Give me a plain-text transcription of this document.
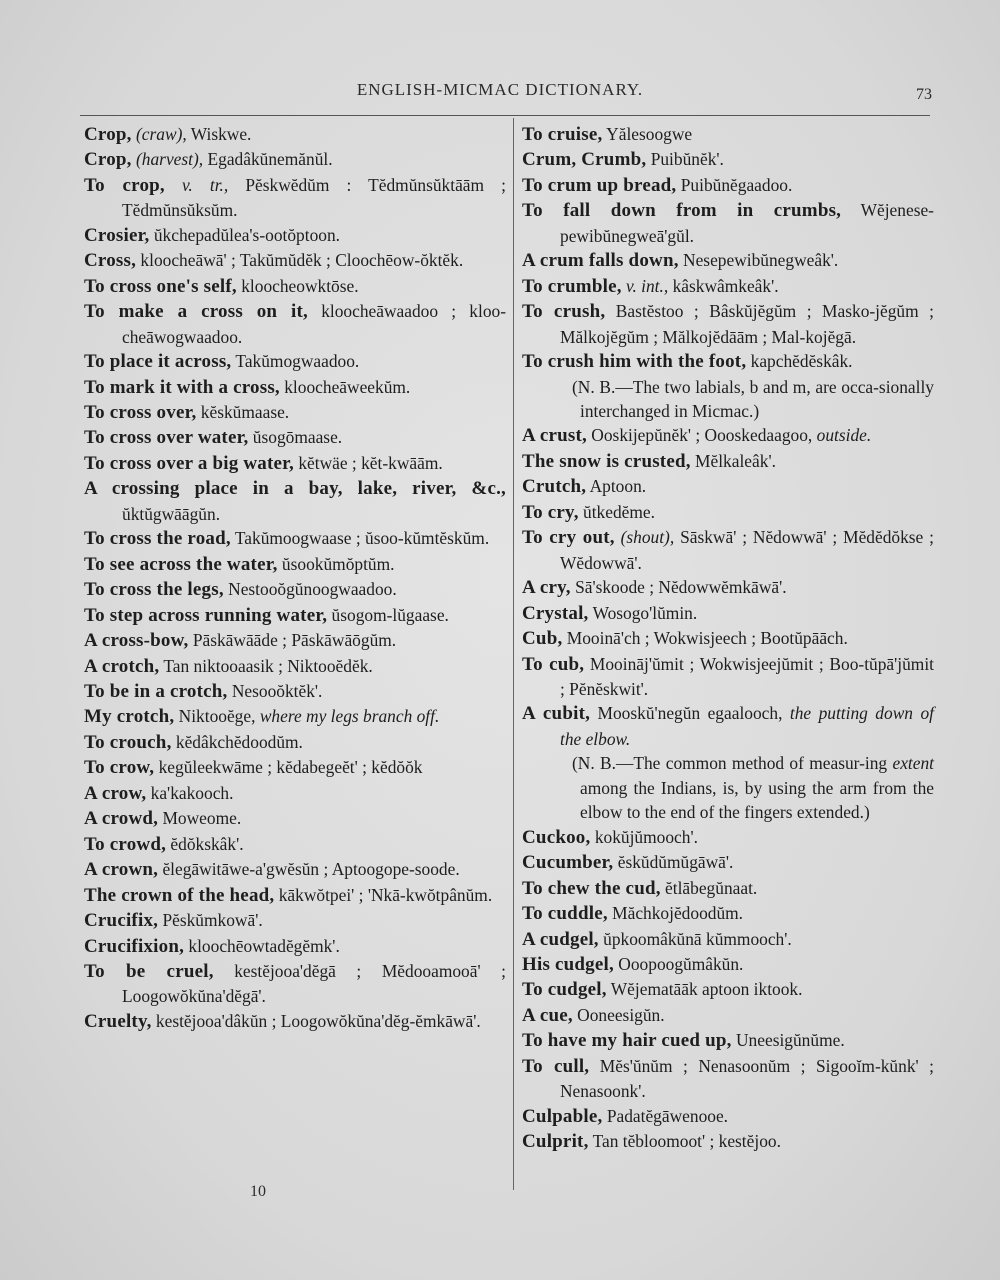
ENGLISH-MICMAC DICTIONARY.	73
Crop, (craw), Wiskwe.
Crop, (harvest), Egadâkŭnemănŭl.
To crop, v. tr., Pĕskwĕdŭm : Tĕdmŭnsŭktāām ; Tĕdmŭnsŭksŭm.
Crosier, ŭkchepadŭlea's-ootŏptoon.
Cross, kloocheāwā' ; Takŭmŭdĕk ; Cloochēow-ŏktĕk.
To cross one's self, kloocheowktōse.
To make a cross on it, kloocheāwaadoo ; kloo-cheāwogwaadoo.
To place it across, Takŭmogwaadoo.
To mark it with a cross, kloocheāweekŭm.
To cross over, kĕskŭmaase.
To cross over water, ŭsogōmaase.
To cross over a big water, kĕtwäe ; kĕt-kwāām.
A crossing place in a bay, lake, river, &c., ŭktŭgwāāgŭn.
To cross the road, Takŭmoogwaase ; ŭsoo-kŭmtĕskŭm.
To see across the water, ŭsookŭmŏptŭm.
To cross the legs, Nestooŏgŭnoogwaadoo.
To step across running water, ŭsogom-lŭgaase.
A cross-bow, Pāskāwāāde ; Pāskāwāōgŭm.
A crotch, Tan niktooaasik ; Niktooĕdĕk.
To be in a crotch, Nesooŏktĕk'.
My crotch, Niktooĕge, where my legs branch off.
To crouch, kĕdâkchĕdoodŭm.
To crow, kegŭleekwāme ; kĕdabegeĕt' ; kĕdŏŏk
A crow, ka'kakooch.
A crowd, Moweome.
To crowd, ĕdŏkskâk'.
A crown, ĕlegāwitāwe-a'gwĕsŭn ; Aptoogope-soode.
The crown of the head, kākwŏtpei' ; 'Nkā-kwŏtpânŭm.
Crucifix, Pĕskŭmkowā'.
Crucifixion, kloochēowtadĕgĕmk'.
To be cruel, kestĕjooa'dĕgā ; Mĕdooamooā' ; Loogowŏkŭna'dĕgā'.
Cruelty, kestĕjooa'dâkŭn ; Loogowŏkŭna'dĕg-ĕmkāwā'.
To cruise, Yălesoogwe
Crum, Crumb, Puibŭnĕk'.
To crum up bread, Puibŭnĕgaadoo.
To fall down from in crumbs, Wĕjenese-pewibŭnegweā'gŭl.
A crum falls down, Nesepewibŭnegweâk'.
To crumble, v. int., kâskwâmkeâk'.
To crush, Bastĕstoo ; Bâskŭjĕgŭm ; Masko-jĕgŭm ; Mălkojĕgŭm ; Mălkojĕdāām ; Mal-kojĕgā.
To crush him with the foot, kapchĕdĕskâk.
(N. B.—The two labials, b and m, are occa-sionally interchanged in Micmac.)
A crust, Ooskijepŭnĕk' ; Oooskedaagoo, outside.
The snow is crusted, Mĕlkaleâk'.
Crutch, Aptoon.
To cry, ŭtkedĕme.
To cry out, (shout), Sāskwā' ; Nĕdowwā' ; Mĕdĕdŏkse ; Wĕdowwā'.
A cry, Sā'skoode ; Nĕdowwĕmkāwā'.
Crystal, Wosogo'lŭmin.
Cub, Mooinā'ch ; Wokwisjeech ; Bootŭpāāch.
To cub, Mooināj'ŭmit ; Wokwisjeejŭmit ; Boo-tŭpā'jŭmit ; Pĕnĕskwit'.
A cubit, Mooskŭ'negŭn egaalooch, the putting down of the elbow.
(N. B.—The common method of measur-ing extent among the Indians, is, by using the arm from the elbow to the end of the fingers extended.)
Cuckoo, kokŭjŭmooch'.
Cucumber, ĕskŭdŭmŭgāwā'.
To chew the cud, ĕtlābegŭnaat.
To cuddle, Măchkojĕdoodŭm.
A cudgel, ŭpkoomâkŭnā kŭmmooch'.
His cudgel, Ooopoogŭmâkŭn.
To cudgel, Wĕjematāāk aptoon iktook.
A cue, Ooneesigŭn.
To have my hair cued up, Uneesigŭnŭme.
To cull, Mĕs'ŭnŭm ; Nenasoonŭm ; Sigooĭm-kŭnk' ; Nenasoonk'.
Culpable, Padatĕgāwenooe.
Culprit, Tan tĕbloomoot' ; kestĕjoo.
10
